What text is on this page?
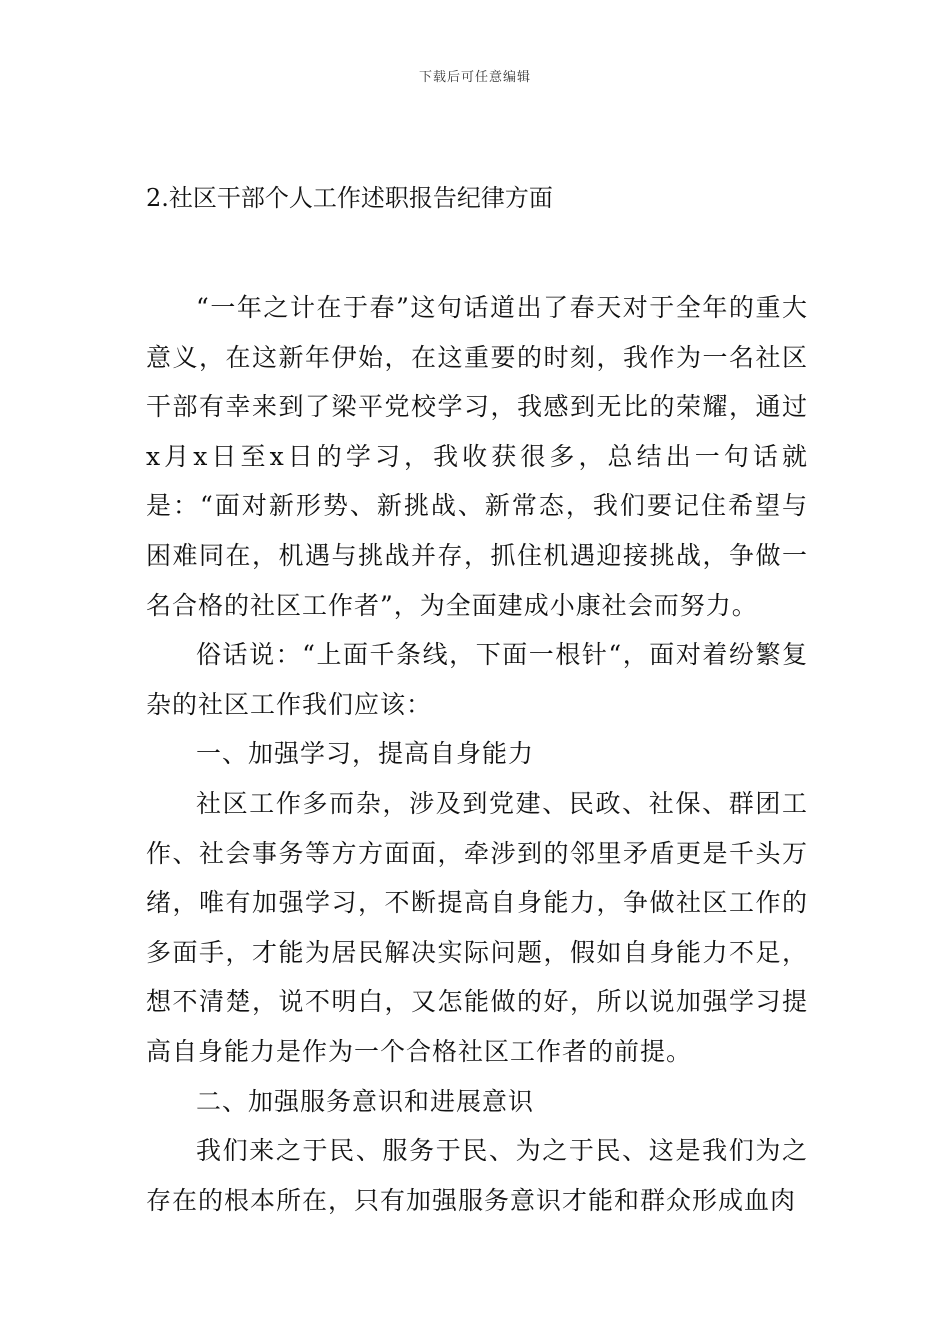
下载后可任意编辑
2.社区干部个人工作述职报告纪律方面

“一年之计在于春”这句话道出了春天对于全年的重大意义，在这新年伊始，在这重要的时刻，我作为一名社区干部有幸来到了梁平党校学习，我感到无比的荣耀，通过x月x日至x日的学习，我收获很多，总结出一句话就是：“面对新形势、新挑战、新常态，我们要记住希望与困难同在，机遇与挑战并存，抓住机遇迎接挑战，争做一名合格的社区工作者”，为全面建成小康社会而努力。

俗话说：“上面千条线，下面一根针“，面对着纷繁复杂的社区工作我们应该：

一、加强学习，提高自身能力

社区工作多而杂，涉及到党建、民政、社保、群团工作、社会事务等方方面面，牵涉到的邻里矛盾更是千头万绪，唯有加强学习，不断提高自身能力，争做社区工作的多面手，才能为居民解决实际问题，假如自身能力不足，想不清楚，说不明白，又怎能做的好，所以说加强学习提高自身能力是作为一个合格社区工作者的前提。

二、加强服务意识和进展意识

我们来之于民、服务于民、为之于民、这是我们为之存在的根本所在，只有加强服务意识才能和群众形成血肉
